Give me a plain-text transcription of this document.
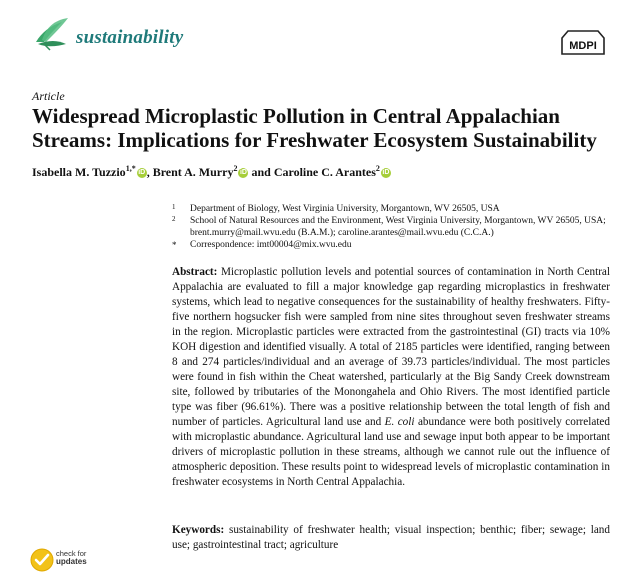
sustainability	MDPI
Article
Widespread Microplastic Pollution in Central Appalachian Streams: Implications for Freshwater Ecosystem Sustainability
Isabella M. Tuzzio$^{1,*}$ iD , Brent A. Murry$^2$ iD and Caroline C. Arantes$^2$ iD
1 Department of Biology, West Virginia University, Morgantown, WV 26505, USA
2 School of Natural Resources and the Environment, West Virginia University, Morgantown, WV 26505, USA;
brent.murry@mail.wvu.edu (B.A.M.); caroline.arantes@mail.wvu.edu (C.C.A.)
* Correspondence: imt00004@mix.wvu.edu
Abstract: Microplastic pollution levels and potential sources of contamination in North Central Appalachia are evaluated to fill a major knowledge gap regarding microplastics in freshwater systems, which lead to negative consequences for the sustainability of healthy freshwaters. Fifty-five northern hogsucker fish were sampled from nine sites throughout seven freshwater streams in the region. Microplastic particles were extracted from the gastrointestinal (GI) tracts via 10% KOH digestion and identified visually. A total of 2185 particles were identified, ranging between 8 and 274 particles/individual and an average of 39.73 particles/individual. The most particles were found in fish within the Cheat watershed, particularly at the Big Sandy Creek downstream site, followed by tributaries of the Monongahela and Ohio Rivers. The most identified particle type was fiber (96.61%). There was a positive relationship between the total length of fish and number of particles. Agricultural land use and E. coli abundance were both positively correlated with microplastic abundance. Agricultural land use and sewage input both appear to be important drivers of microplastic pollution in these streams, although we cannot rule out the influence of atmospheric deposition. These results point to widespread levels of microplastic contamination in freshwater ecosystems in North Central Appalachia.
Keywords: sustainability of freshwater health; visual inspection; benthic; fiber; sewage; land use; gastrointestinal tract; agriculture
check for
updates
